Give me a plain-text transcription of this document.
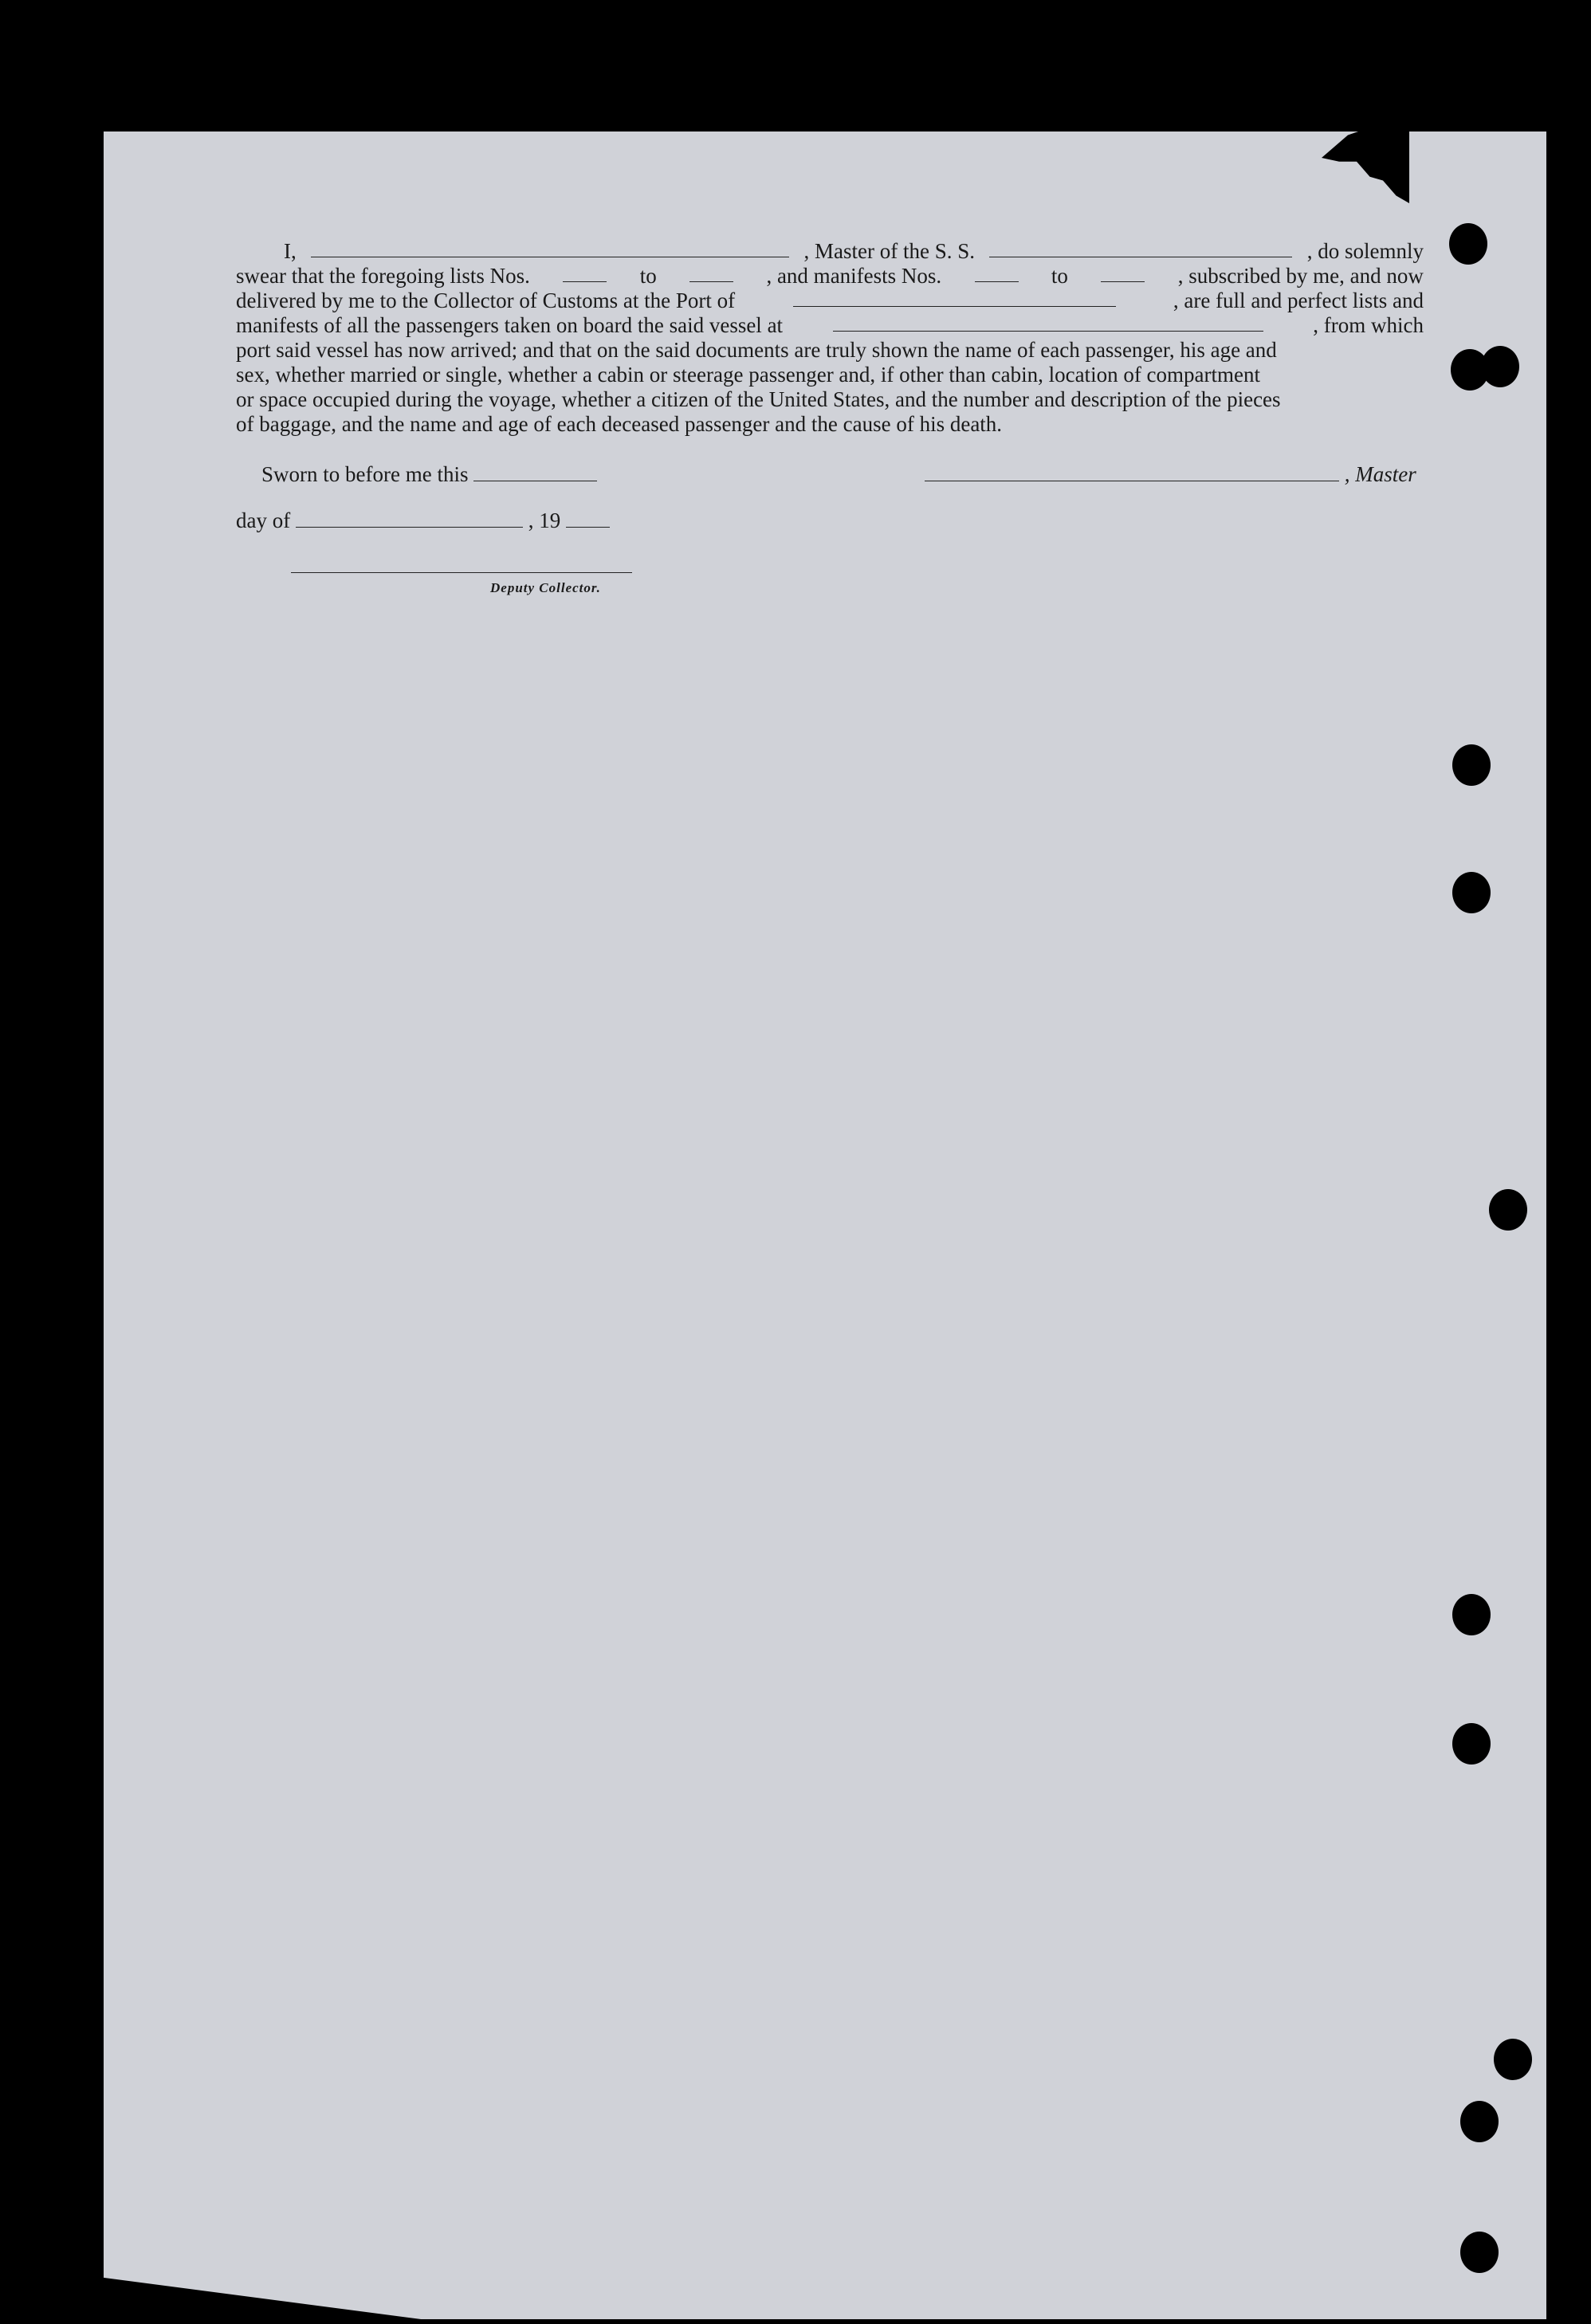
I,	, Master of the S. S.	, do solemnly
swear that the foregoing lists Nos.	to	, and manifests Nos.	to	, subscribed by me, and now
delivered by me to the Collector of Customs at the Port of	, are full and perfect lists and
manifests of all the passengers taken on board the said vessel at	, from which
port said vessel has now arrived; and that on the said documents are truly shown the name of each passenger, his age and
sex, whether married or single, whether a cabin or steerage passenger and, if other than cabin, location of compartment
or space occupied during the voyage, whether a citizen of the United States, and the number and description of the pieces
of baggage, and the name and age of each deceased passenger and the cause of his death.
Sworn to before me this	, Master
day of	, 19
Deputy Collector.
